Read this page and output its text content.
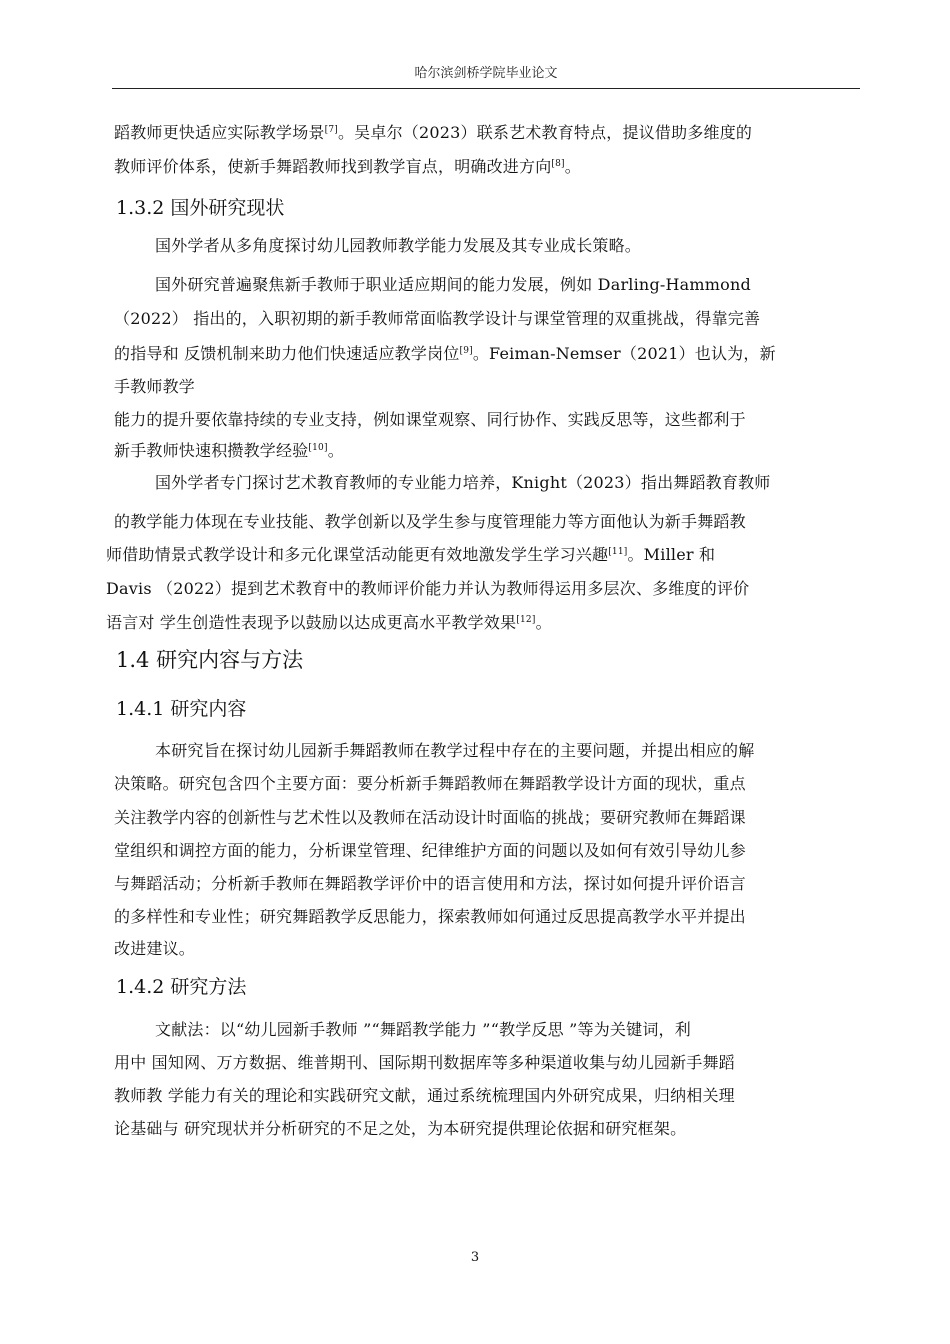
哈尔滨剑桥学院毕业论文
蹈教师更快适应实际教学场景[7]。吴卓尔（2023）联系艺术教育特点，提议借助多维度的
教师评价体系，使新手舞蹈教师找到教学盲点，明确改进方向[8]。
1.3.2 国外研究现状
国外学者从多角度探讨幼儿园教师教学能力发展及其专业成长策略。
国外研究普遍聚焦新手教师于职业适应期间的能力发展，例如 Darling-Hammond
（2022） 指出的，入职初期的新手教师常面临教学设计与课堂管理的双重挑战，得靠完善
的指导和 反馈机制来助力他们快速适应教学岗位[9]。Feiman-Nemser（2021）也认为，新
手教师教学
能力的提升要依靠持续的专业支持，例如课堂观察、同行协作、实践反思等，这些都利于
新手教师快速积攒教学经验[10]。
国外学者专门探讨艺术教育教师的专业能力培养，Knight（2023）指出舞蹈教育教师
的教学能力体现在专业技能、教学创新以及学生参与度管理能力等方面他认为新手舞蹈教
师借助情景式教学设计和多元化课堂活动能更有效地激发学生学习兴趣[11]。Miller 和
Davis （2022）提到艺术教育中的教师评价能力并认为教师得运用多层次、多维度的评价
语言对 学生创造性表现予以鼓励以达成更高水平教学效果[12]。
1.4 研究内容与方法
1.4.1 研究内容
本研究旨在探讨幼儿园新手舞蹈教师在教学过程中存在的主要问题，并提出相应的解
决策略。研究包含四个主要方面：要分析新手舞蹈教师在舞蹈教学设计方面的现状，重点
关注教学内容的创新性与艺术性以及教师在活动设计时面临的挑战；要研究教师在舞蹈课
堂组织和调控方面的能力，分析课堂管理、纪律维护方面的问题以及如何有效引导幼儿参
与舞蹈活动；分析新手教师在舞蹈教学评价中的语言使用和方法，探讨如何提升评价语言
的多样性和专业性；研究舞蹈教学反思能力，探索教师如何通过反思提高教学水平并提出
改进建议。
1.4.2 研究方法
文献法：以“幼儿园新手教师 ”“舞蹈教学能力 ”“教学反思 ”等为关键词，利
用中 国知网、万方数据、维普期刊、国际期刊数据库等多种渠道收集与幼儿园新手舞蹈
教师教 学能力有关的理论和实践研究文献，通过系统梳理国内外研究成果，归纳相关理
论基础与 研究现状并分析研究的不足之处，为本研究提供理论依据和研究框架。
3
